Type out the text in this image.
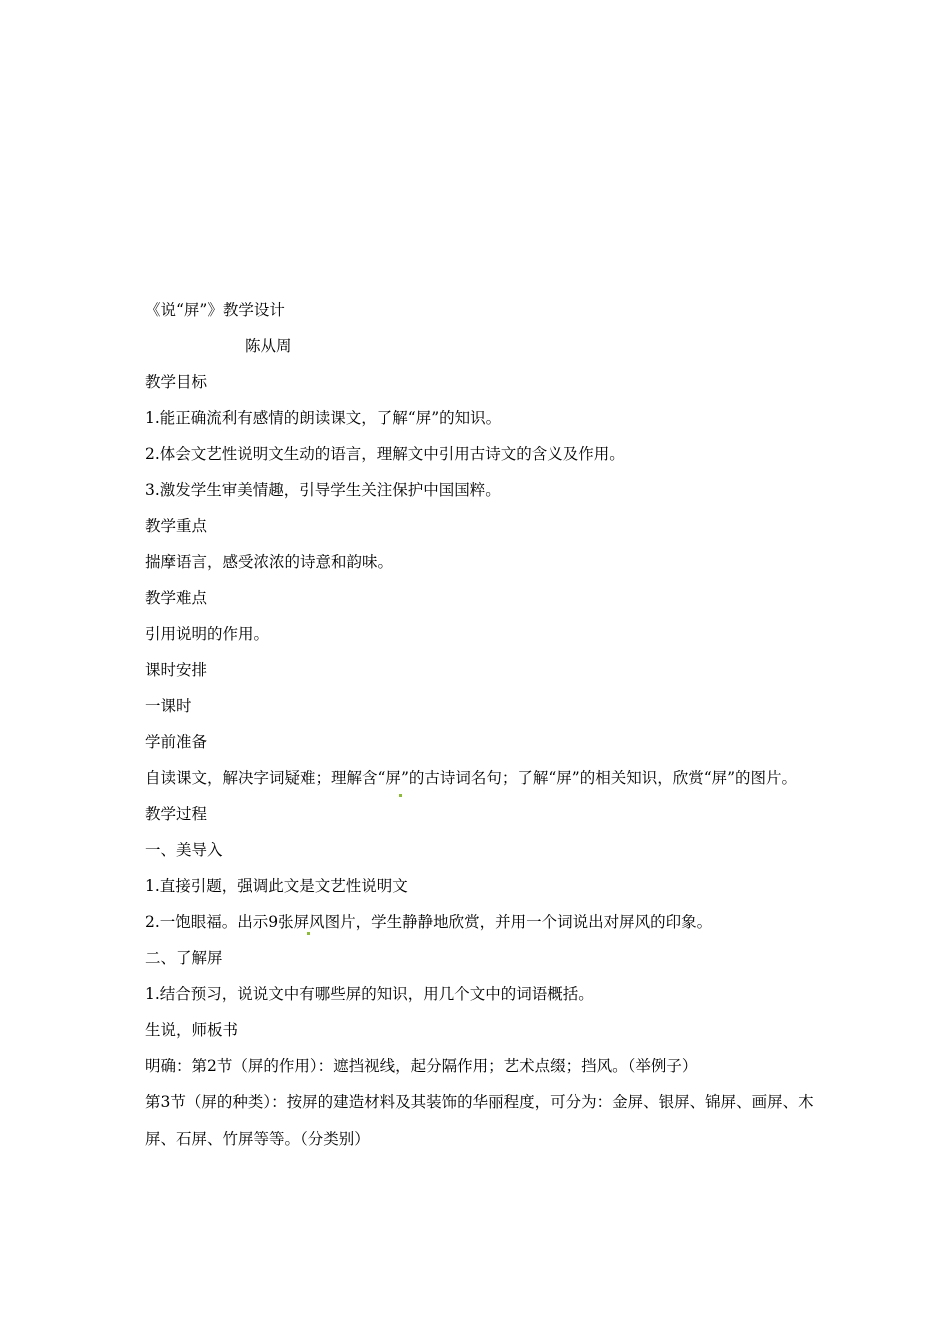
《说“屏”》教学设计
陈从周
教学目标
1.能正确流利有感情的朗读课文，了解“屏”的知识。
2.体会文艺性说明文生动的语言，理解文中引用古诗文的含义及作用。
3.激发学生审美情趣，引导学生关注保护中国国粹。
教学重点
揣摩语言，感受浓浓的诗意和韵味。
教学难点
引用说明的作用。
课时安排
一课时
学前准备
自读课文，解决字词疑难；理解含“屏”的古诗词名句；了解“屏”的相关知识，欣赏“屏”的图片。
教学过程
一、美导入
1.直接引题，强调此文是文艺性说明文
2.一饱眼福。出示9张屏风图片，学生静静地欣赏，并用一个词说出对屏风的印象。
二、了解屏
1.结合预习，说说文中有哪些屏的知识，用几个文中的词语概括。
生说，师板书
明确：第2节（屏的作用）：遮挡视线，起分隔作用；艺术点缀；挡风。（举例子）
第3节（屏的种类）：按屏的建造材料及其装饰的华丽程度，可分为：金屏、银屏、锦屏、画屏、木屏、石屏、竹屏等等。（分类别）
